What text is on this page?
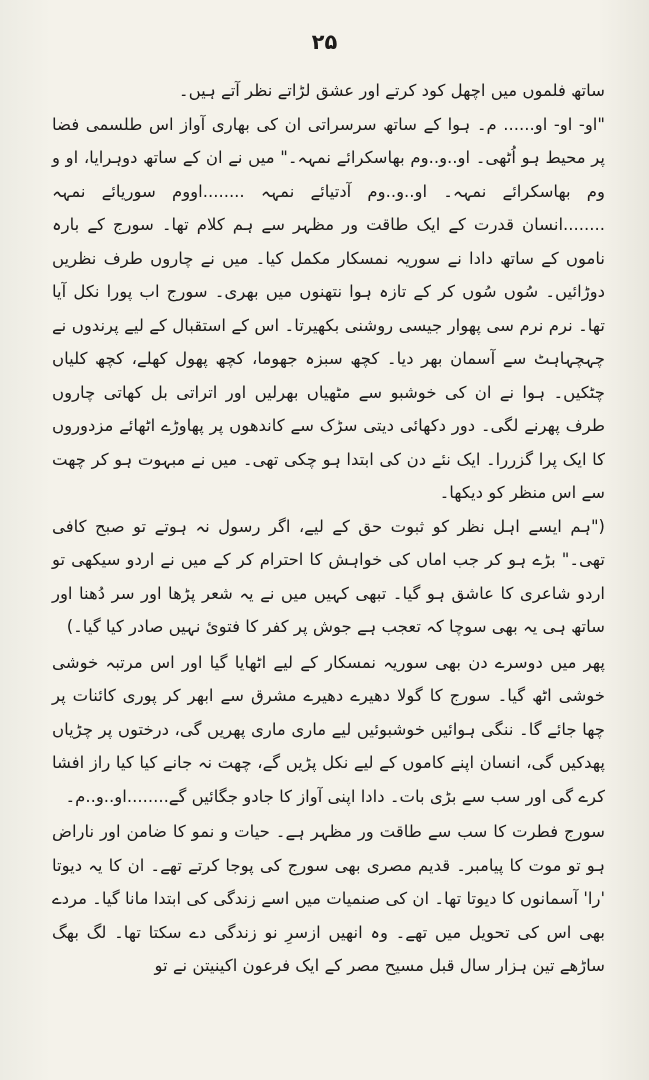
۲۵

ساتھ فلموں میں اچھل کود کرتے اور عشق لڑاتے نظر آتے ہیں۔

"او- او- او...... م۔ ہوا کے ساتھ سرسراتی ان کی بھاری آواز اس طلسمی فضا پر محیط ہو اُٹھی۔ او..و..وم بھاسکرائے نمہہ۔" میں نے ان کے ساتھ دوہرایا، او و وم بھاسکرائے نمہہ۔ او..و..وم آدتیائے نمہہ ........اووم سوریائے نمہہ ........انسان قدرت کے ایک طاقت ور مظہر سے ہم کلام تھا۔ سورج کے بارہ ناموں کے ساتھ دادا نے سوریہ نمسکار مکمل کیا۔ میں نے چاروں طرف نظریں دوڑائیں۔ سُوں سُوں کر کے تازہ ہوا نتھنوں میں بھری۔ سورج اب پورا نکل آیا تھا۔ نرم نرم سی پھوار جیسی روشنی بکھیرتا۔ اس کے استقبال کے لیے پرندوں نے چہچہاہٹ سے آسمان بھر دیا۔ کچھ سبزہ جھوما، کچھ پھول کھلے، کچھ کلیاں چٹکیں۔ ہوا نے ان کی خوشبو سے مٹھیاں بھرلیں اور اتراتی بل کھاتی چاروں طرف پھرنے لگی۔ دور دکھائی دیتی سڑک سے کاندھوں پر پھاوڑے اٹھائے مزدوروں کا ایک پرا گزررا۔ ایک نئے دن کی ابتدا ہو چکی تھی۔ میں نے مبہوت ہو کر چھت سے اس منظر کو دیکھا۔

("ہم ایسے اہل نظر کو ثبوت حق کے لیے، اگر رسول نہ ہوتے تو صبح کافی تھی۔" بڑے ہو کر جب اماں کی خواہش کا احترام کر کے میں نے اردو سیکھی تو اردو شاعری کا عاشق ہو گیا۔ تبھی کہیں میں نے یہ شعر پڑھا اور سر دُھنا اور ساتھ ہی یہ بھی سوچا کہ تعجب ہے جوش پر کفر کا فتوئ نہیں صادر کیا گیا۔)

پھر میں دوسرے دن بھی سوریہ نمسکار کے لیے اٹھایا گیا اور اس مرتبہ خوشی خوشی اٹھ گیا۔ سورج کا گولا دھیرے دھیرے مشرق سے ابھر کر پوری کائنات پر چھا جائے گا۔ ننگی ہوائیں خوشبوئیں لیے ماری ماری پھریں گی، درختوں پر چڑیاں پھدکیں گی، انسان اپنے کاموں کے لیے نکل پڑیں گے، چھت نہ جانے کیا کیا راز افشا کرے گی اور سب سے بڑی بات۔ دادا اپنی آواز کا جادو جگائیں گے........او..و..م۔

سورج فطرت کا سب سے طاقت ور مظہر ہے۔ حیات و نمو کا ضامن اور ناراض ہو تو موت کا پیامبر۔ قدیم مصری بھی سورج کی پوجا کرتے تھے۔ ان کا یہ دیوتا 'را' آسمانوں کا دیوتا تھا۔ ان کی صنمیات میں اسے زندگی کی ابتدا مانا گیا۔ مردے بھی اس کی تحویل میں تھے۔ وہ انھیں ازسرِ نو زندگی دے سکتا تھا۔ لگ بھگ ساڑھے تین ہزار سال قبل مسیح مصر کے ایک فرعون اکینیتن نے تو
